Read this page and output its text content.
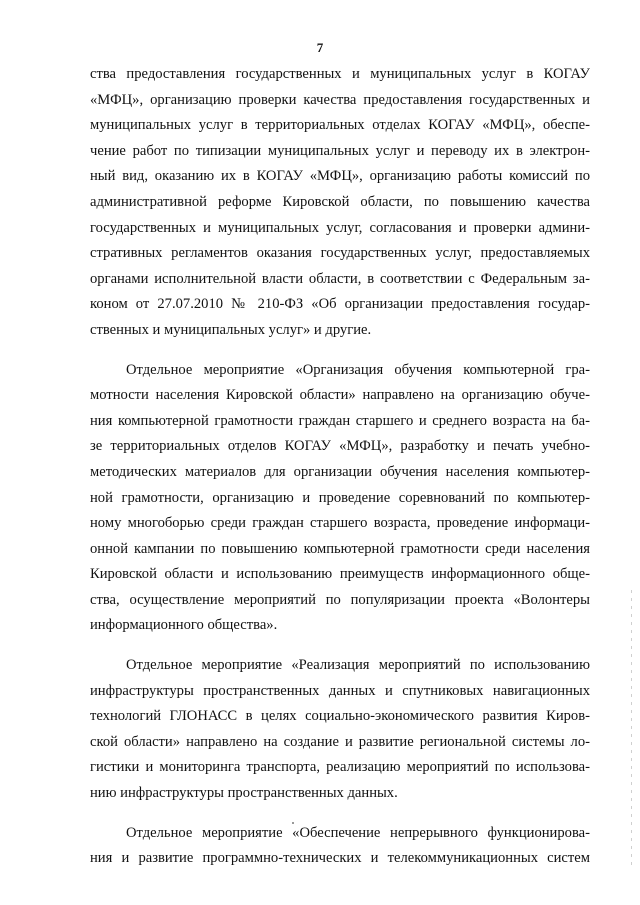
7
ства предоставления государственных и муниципальных услуг в КОГАУ
«МФЦ», организацию проверки качества предоставления государственных и
муниципальных услуг в территориальных отделах КОГАУ «МФЦ», обеспе-
чение работ по типизации муниципальных услуг и переводу их в электрон-
ный вид, оказанию их в КОГАУ «МФЦ», организацию работы комиссий по
административной реформе Кировской области, по повышению качества
государственных и муниципальных услуг, согласования и проверки админи-
стративных регламентов оказания государственных услуг, предоставляемых
органами исполнительной власти области, в соответствии с Федеральным за-
коном от 27.07.2010 № 210-ФЗ «Об организации предоставления государ-
ственных и муниципальных услуг» и другие.
Отдельное мероприятие «Организация обучения компьютерной гра-
мотности населения Кировской области» направлено на организацию обуче-
ния компьютерной грамотности граждан старшего и среднего возраста на ба-
зе территориальных отделов КОГАУ «МФЦ», разработку и печать учебно-
методических материалов для организации обучения населения компьютер-
ной грамотности, организацию и проведение соревнований по компьютер-
ному многоборью среди граждан старшего возраста, проведение информаци-
онной кампании по повышению компьютерной грамотности среди населения
Кировской области и использованию преимуществ информационного обще-
ства, осуществление мероприятий по популяризации проекта «Волонтеры
информационного общества».
Отдельное мероприятие «Реализация мероприятий по использованию
инфраструктуры пространственных данных и спутниковых навигационных
технологий ГЛОНАСС в целях социально-экономического развития Киров-
ской области» направлено на создание и развитие региональной системы ло-
гистики и мониторинга транспорта, реализацию мероприятий по использова-
нию инфраструктуры пространственных данных.
Отдельное мероприятие «Обеспечение непрерывного функционирова-
ния и развитие программно-технических и телекоммуникационных систем
